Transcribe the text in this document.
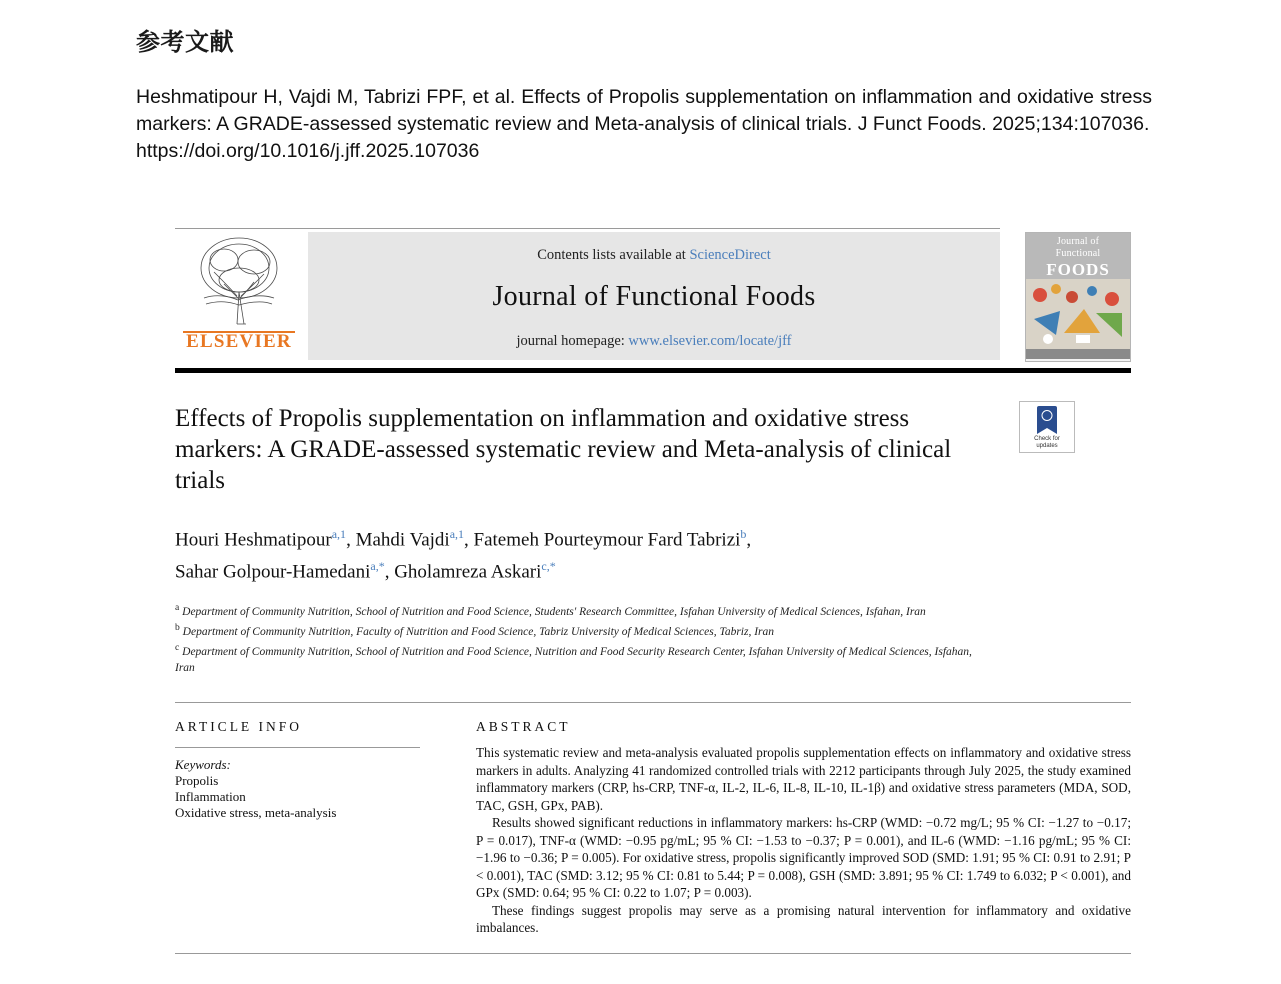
参考文献
Heshmatipour H, Vajdi M, Tabrizi FPF, et al. Effects of Propolis supplementation on inflammation and oxidative stress markers: A GRADE-assessed systematic review and Meta-analysis of clinical trials. J Funct Foods. 2025;134:107036.
https://doi.org/10.1016/j.jff.2025.107036
ELSEVIER
Contents lists available at ScienceDirect
Journal of Functional Foods
journal homepage: www.elsevier.com/locate/jff
Journal of
Functional
FOODS
Check for
updates
Effects of Propolis supplementation on inflammation and oxidative stress markers: A GRADE-assessed systematic review and Meta-analysis of clinical trials
Houri Heshmatipour$^{a,1}$, Mahdi Vajdi$^{a,1}$, Fatemeh Pourteymour Fard Tabrizi$^b$,
Sahar Golpour-Hamedani$^{a,*}$, Gholamreza Askari$^{c,*}$
$^a$ Department of Community Nutrition, School of Nutrition and Food Science, Students' Research Committee, Isfahan University of Medical Sciences, Isfahan, Iran
$^b$ Department of Community Nutrition, Faculty of Nutrition and Food Science, Tabriz University of Medical Sciences, Tabriz, Iran
$^c$ Department of Community Nutrition, School of Nutrition and Food Science, Nutrition and Food Security Research Center, Isfahan University of Medical Sciences, Isfahan, Iran
ARTICLE INFO
Keywords:
Propolis
Inflammation
Oxidative stress, meta-analysis
ABSTRACT
This systematic review and meta-analysis evaluated propolis supplementation effects on inflammatory and oxidative stress markers in adults. Analyzing 41 randomized controlled trials with 2212 participants through July 2025, the study examined inflammatory markers (CRP, hs-CRP, TNF-α, IL-2, IL-6, IL-8, IL-10, IL-1β) and oxidative stress parameters (MDA, SOD, TAC, GSH, GPx, PAB).
Results showed significant reductions in inflammatory markers: hs-CRP (WMD: −0.72 mg/L; 95 % CI: −1.27 to −0.17; P = 0.017), TNF-α (WMD: −0.95 pg/mL; 95 % CI: −1.53 to −0.37; P = 0.001), and IL-6 (WMD: −1.16 pg/mL; 95 % CI: −1.96 to −0.36; P = 0.005). For oxidative stress, propolis significantly improved SOD (SMD: 1.91; 95 % CI: 0.91 to 2.91; P < 0.001), TAC (SMD: 3.12; 95 % CI: 0.81 to 5.44; P = 0.008), GSH (SMD: 3.891; 95 % CI: 1.749 to 6.032; P < 0.001), and GPx (SMD: 0.64; 95 % CI: 0.22 to 1.07; P = 0.003).
These findings suggest propolis may serve as a promising natural intervention for inflammatory and oxidative imbalances.
